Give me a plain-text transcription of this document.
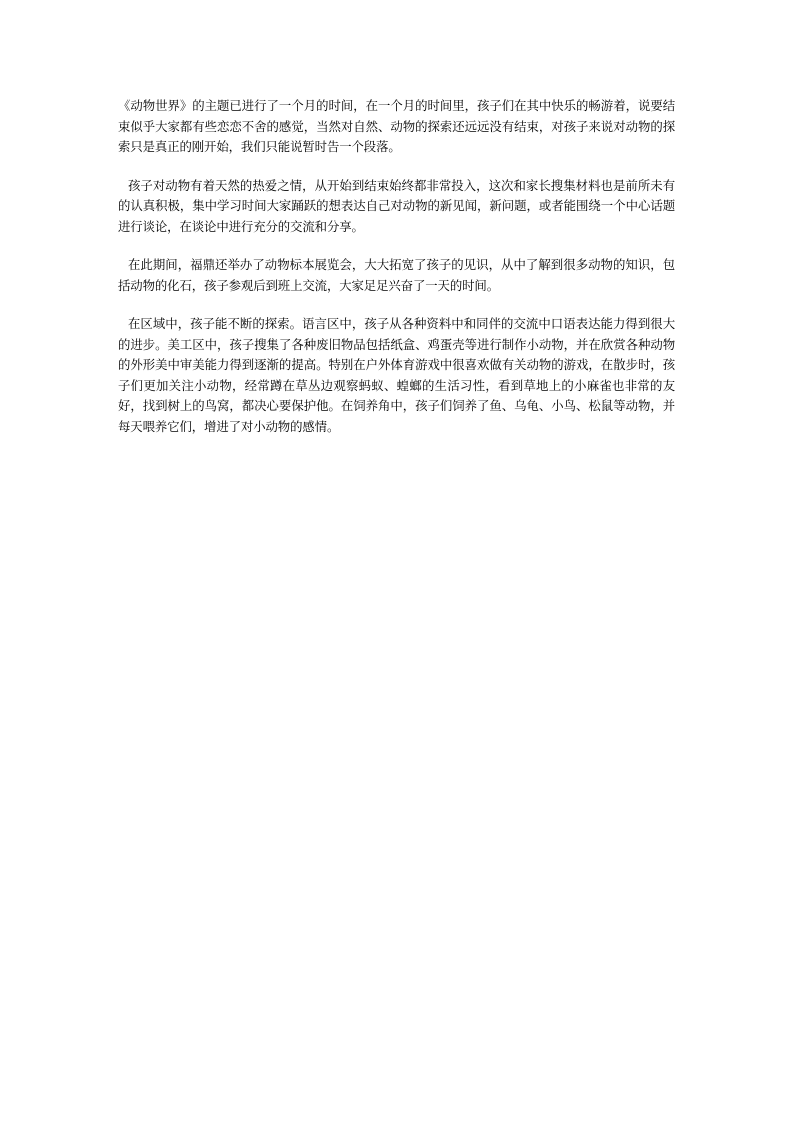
《动物世界》的主题已进行了一个月的时间，在一个月的时间里，孩子们在其中快乐的畅游着，说要结束似乎大家都有些恋恋不舍的感觉，当然对自然、动物的探索还远远没有结束，对孩子来说对动物的探索只是真正的刚开始，我们只能说暂时告一个段落。

孩子对动物有着天然的热爱之情，从开始到结束始终都非常投入，这次和家长搜集材料也是前所未有的认真积极，集中学习时间大家踊跃的想表达自己对动物的新见闻，新问题，或者能围绕一个中心话题进行谈论，在谈论中进行充分的交流和分享。

在此期间，福鼎还举办了动物标本展览会，大大拓宽了孩子的见识，从中了解到很多动物的知识，包括动物的化石，孩子参观后到班上交流，大家足足兴奋了一天的时间。

在区域中，孩子能不断的探索。语言区中，孩子从各种资料中和同伴的交流中口语表达能力得到很大的进步。美工区中，孩子搜集了各种废旧物品包括纸盒、鸡蛋壳等进行制作小动物，并在欣赏各种动物的外形美中审美能力得到逐渐的提高。特别在户外体育游戏中很喜欢做有关动物的游戏，在散步时，孩子们更加关注小动物，经常蹲在草丛边观察蚂蚁、蝗螂的生活习性，看到草地上的小麻雀也非常的友好，找到树上的鸟窝，都决心要保护他。在饲养角中，孩子们饲养了鱼、乌龟、小鸟、松鼠等动物，并每天喂养它们，增进了对小动物的感情。
